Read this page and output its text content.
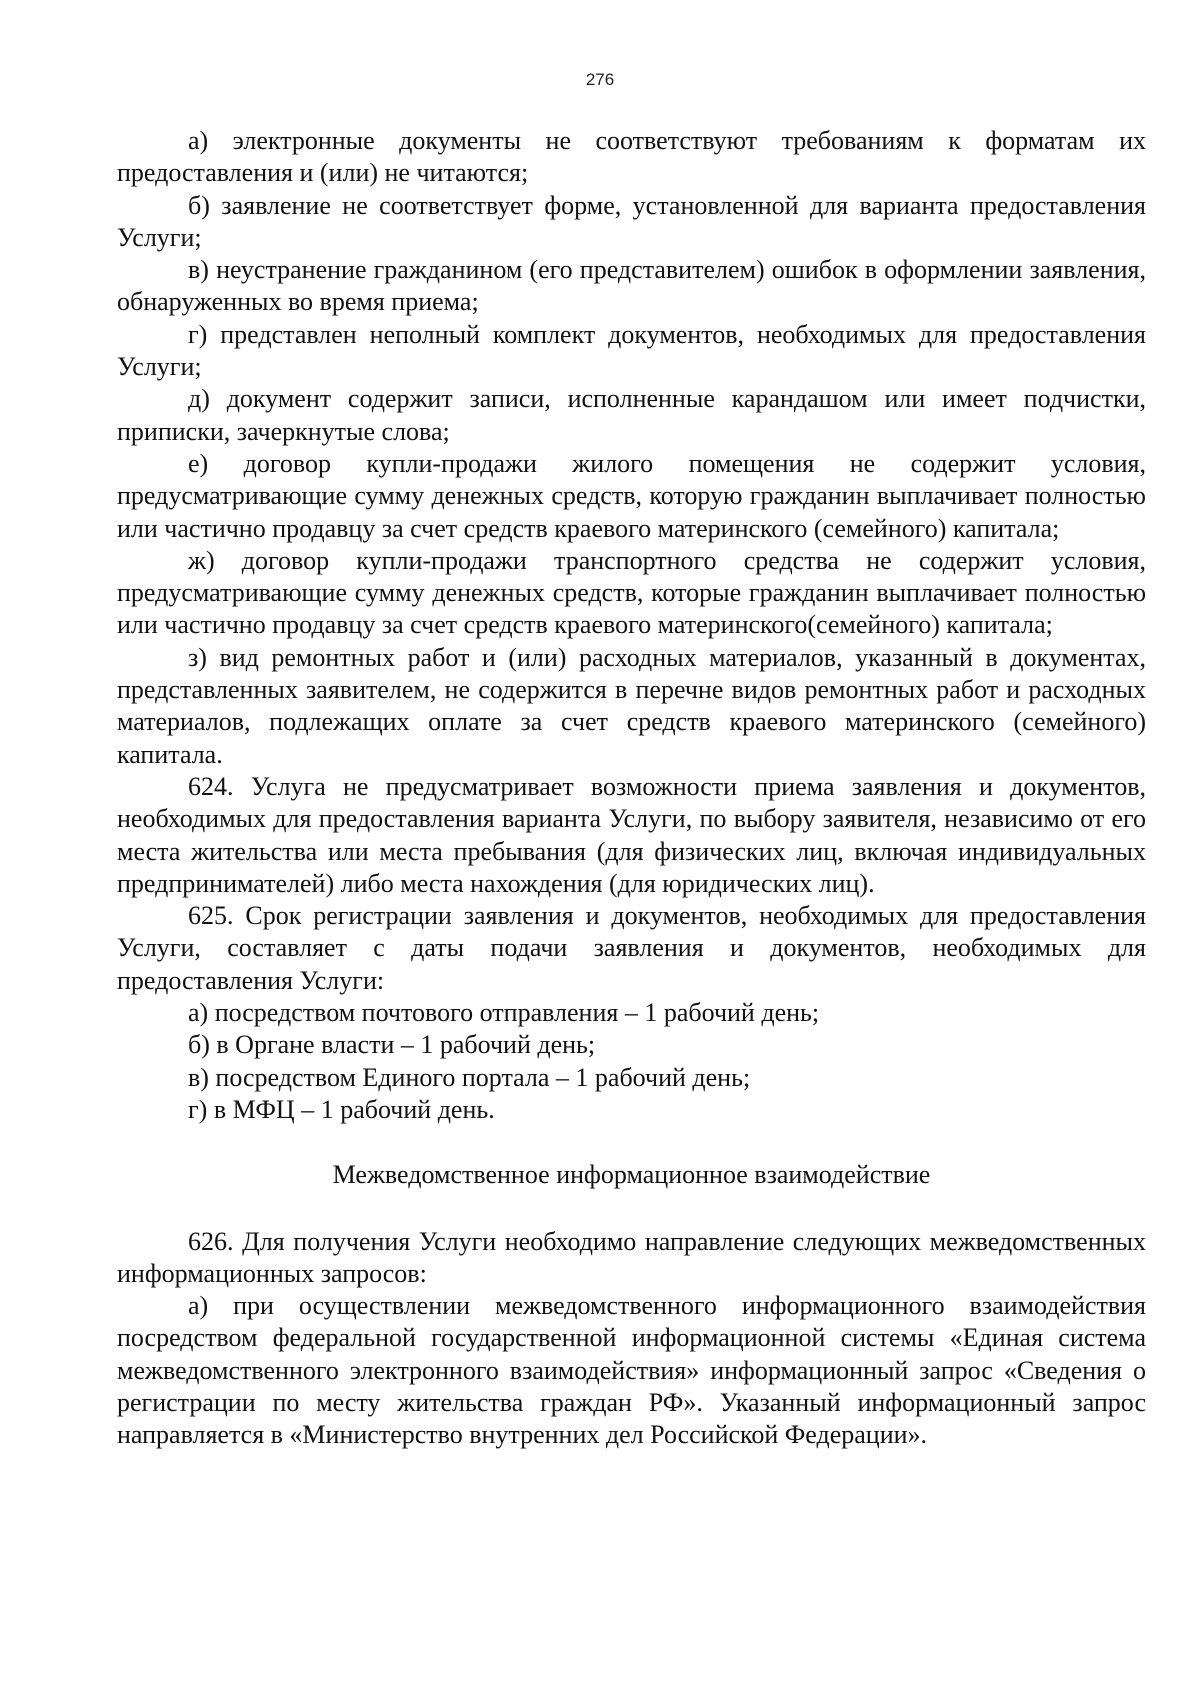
276

а) электронные документы не соответствуют требованиям к форматам их предоставления и (или) не читаются;

б) заявление не соответствует форме, установленной для варианта предоставления Услуги;

в) неустранение гражданином (его представителем) ошибок в оформлении заявления, обнаруженных во время приема;

г) представлен неполный комплект документов, необходимых для предоставления Услуги;

д) документ содержит записи, исполненные карандашом или имеет подчистки, приписки, зачеркнутые слова;

е) договор купли-продажи жилого помещения не содержит условия, предусматривающие сумму денежных средств, которую гражданин выплачивает полностью или частично продавцу за счет средств краевого материнского (семейного) капитала;

ж) договор купли-продажи транспортного средства не содержит условия, предусматривающие сумму денежных средств, которые гражданин выплачивает полностью или частично продавцу за счет средств краевого материнского(семейного) капитала;

з) вид ремонтных работ и (или) расходных материалов, указанный в документах, представленных заявителем, не содержится в перечне видов ремонтных работ и расходных материалов, подлежащих оплате за счет средств краевого материнского (семейного) капитала.

624. Услуга не предусматривает возможности приема заявления и документов, необходимых для предоставления варианта Услуги, по выбору заявителя, независимо от его места жительства или места пребывания (для физических лиц, включая индивидуальных предпринимателей) либо места нахождения (для юридических лиц).

625. Срок регистрации заявления и документов, необходимых для предоставления Услуги, составляет с даты подачи заявления и документов, необходимых для предоставления Услуги:

а) посредством почтового отправления – 1 рабочий день;

б) в Органе власти – 1 рабочий день;

в) посредством Единого портала – 1 рабочий день;

г) в МФЦ – 1 рабочий день.

Межведомственное информационное взаимодействие

626. Для получения Услуги необходимо направление следующих межведомственных информационных запросов:

а) при осуществлении межведомственного информационного взаимодействия посредством федеральной государственной информационной системы «Единая система межведомственного электронного взаимодействия» информационный запрос «Сведения о регистрации по месту жительства граждан РФ». Указанный информационный запрос направляется в «Министерство внутренних дел Российской Федерации».
